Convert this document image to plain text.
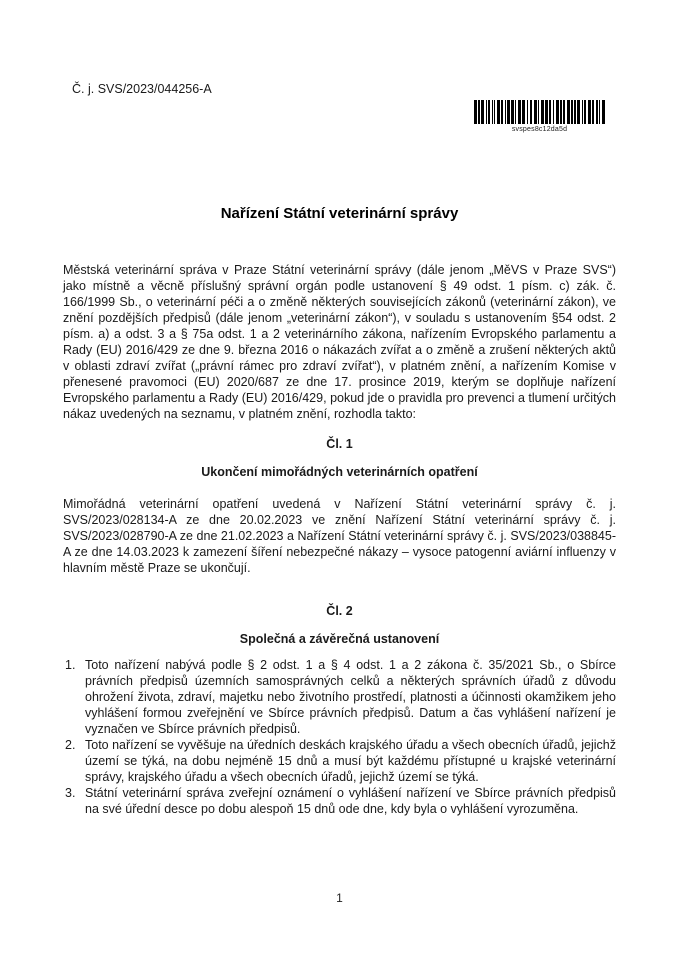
Č. j. SVS/2023/044256-A
svspes8c12da5d
Nařízení Státní veterinární správy

Městská veterinární správa v Praze Státní veterinární správy (dále jenom „MěVS v Praze SVS“) jako místně a věcně příslušný správní orgán podle ustanovení § 49 odst. 1 písm. c) zák. č. 166/1999 Sb., o veterinární péči a o změně některých souvisejících zákonů (veterinární zákon), ve znění pozdějších předpisů (dále jenom „veterinární zákon“), v souladu s ustanovením §54 odst. 2 písm. a) a odst. 3 a § 75a odst. 1 a 2 veterinárního zákona, nařízením Evropského parlamentu a Rady (EU) 2016/429 ze dne 9. března 2016 o nákazách zvířat a o změně a zrušení některých aktů v oblasti zdraví zvířat („právní rámec pro zdraví zvířat“), v platném znění, a nařízením Komise v přenesené pravomoci (EU) 2020/687 ze dne 17. prosince 2019, kterým se doplňuje nařízení Evropského parlamentu a Rady (EU) 2016/429, pokud jde o pravidla pro prevenci a tlumení určitých nákaz uvedených na seznamu, v platném znění, rozhodla takto:

Čl. 1

Ukončení mimořádných veterinárních opatření

Mimořádná veterinární opatření uvedená v Nařízení Státní veterinární správy č. j. SVS/2023/028134-A ze dne 20.02.2023 ve znění Nařízení Státní veterinární správy č. j. SVS/2023/028790-A ze dne 21.02.2023 a Nařízení Státní veterinární správy č. j. SVS/2023/038845-A ze dne 14.03.2023 k zamezení šíření nebezpečné nákazy – vysoce patogenní aviární influenzy v hlavním městě Praze se ukončují.

Čl. 2

Společná a závěrečná ustanovení

Toto nařízení nabývá podle § 2 odst. 1 a § 4 odst. 1 a 2 zákona č. 35/2021 Sb., o Sbírce právních předpisů územních samosprávných celků a některých správních úřadů z důvodu ohrožení života, zdraví, majetku nebo životního prostředí, platnosti a účinnosti okamžikem jeho vyhlášení formou zveřejnění ve Sbírce právních předpisů. Datum a čas vyhlášení nařízení je vyznačen ve Sbírce právních předpisů.
Toto nařízení se vyvěšuje na úředních deskách krajského úřadu a všech obecních úřadů, jejichž území se týká, na dobu nejméně 15 dnů a musí být každému přístupné u krajské veterinární správy, krajského úřadu a všech obecních úřadů, jejichž území se týká.
Státní veterinární správa zveřejní oznámení o vyhlášení nařízení ve Sbírce právních předpisů na své úřední desce po dobu alespoň 15 dnů ode dne, kdy byla o vyhlášení vyrozuměna.
1
